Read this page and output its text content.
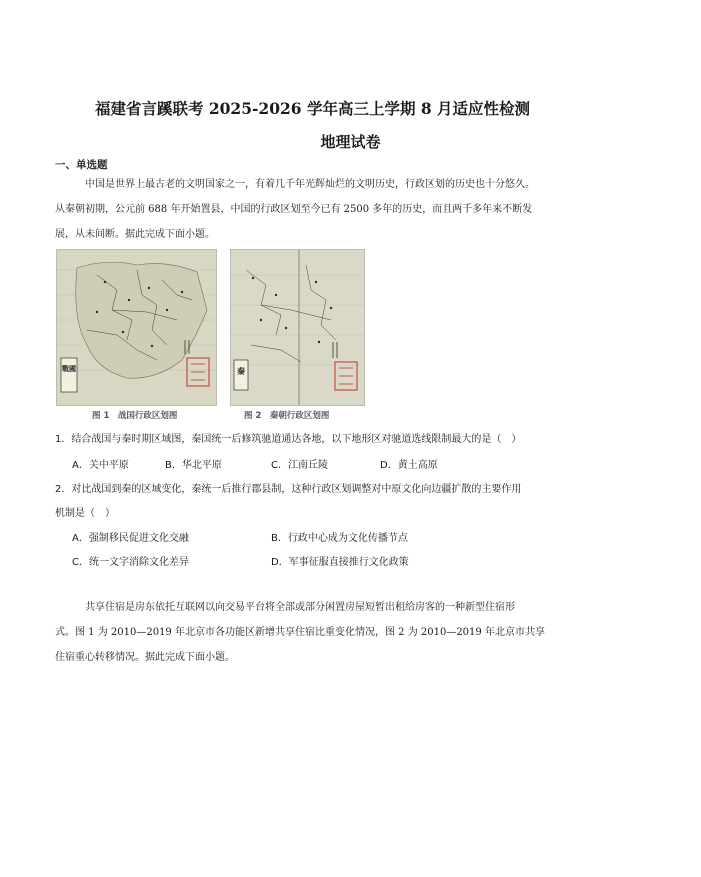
福建省言蹊联考 2025-2026 学年高三上学期 8 月适应性检测
地理试卷
一、单选题
中国是世界上最古老的文明国家之一，有着几千年光辉灿烂的文明历史，行政区划的历史也十分悠久。
从秦朝初期，公元前 688 年开始置县，中国的行政区划至今已有 2500 多年的历史，而且两千多年来不断发
展，从未间断。据此完成下面小题。
戰國
图 1　战国行政区划图
秦
图 2　秦朝行政区划图
1．结合战国与秦时期区域图，秦国统一后修筑驰道通达各地，以下地形区对驰道选线限制最大的是（　）
A．关中平原	B．华北平原	C．江南丘陵	D．黄土高原
2．对比战国到秦的区域变化，秦统一后推行郡县制，这种行政区划调整对中原文化向边疆扩散的主要作用
机制是（　）
A．强制移民促进文化交融	B．行政中心成为文化传播节点
C．统一文字消除文化差异	D．军事征服直接推行文化政策
共享住宿是房东依托互联网以向交易平台将全部或部分闲置房屋短暂出租给房客的一种新型住宿形
式。图 1 为 2010—2019 年北京市各功能区新增共享住宿比重变化情况，图 2 为 2010—2019 年北京市共享
住宿重心转移情况。据此完成下面小题。
